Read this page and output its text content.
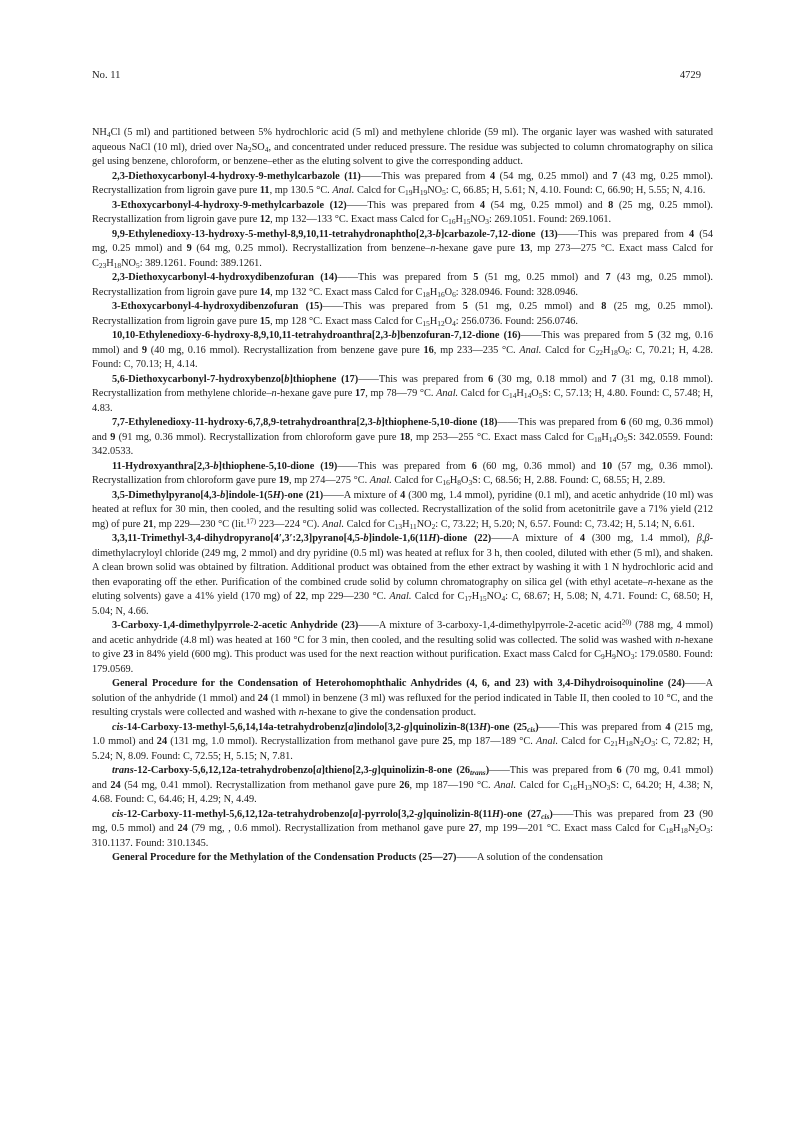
No. 11	4729

$NH_4Cl$ (5 ml) and partitioned between 5% hydrochloric acid (5 ml) and methylene chloride (59 ml). The organic layer was washed with saturated aqueous NaCl (10 ml), dried over $Na_2SO_4$, and concentrated under reduced pressure. The residue was subjected to column chromatography on silica gel using benzene, chloroform, or benzene–ether as the eluting solvent to give the corresponding adduct.

2,3-Diethoxycarbonyl-4-hydroxy-9-methylcarbazole (11)——This was prepared from 4 (54 mg, 0.25 mmol) and 7 (43 mg, 0.25 mmol). Recrystallization from ligroin gave pure 11, mp 130.5 °C. Anal. Calcd for $C_{19}H_{19}NO_5$: C, 66.85; H, 5.61; N, 4.10. Found: C, 66.90; H, 5.55; N, 4.16.

3-Ethoxycarbonyl-4-hydroxy-9-methylcarbazole (12)——This was prepared from 4 (54 mg, 0.25 mmol) and 8 (25 mg, 0.25 mmol). Recrystallization from ligroin gave pure 12, mp 132—133 °C. Exact mass Calcd for $C_{16}H_{15}NO_3$: 269.1051. Found: 269.1061.

9,9-Ethylenedioxy-13-hydroxy-5-methyl-8,9,10,11-tetrahydronaphtho[2,3-b]carbazole-7,12-dione (13)——This was prepared from 4 (54 mg, 0.25 mmol) and 9 (64 mg, 0.25 mmol). Recrystallization from benzene–n-hexane gave pure 13, mp 273—275 °C. Exact mass Calcd for $C_{23}H_{18}NO_5$: 389.1261. Found: 389.1261.

2,3-Diethoxycarbonyl-4-hydroxydibenzofuran (14)——This was prepared from 5 (51 mg, 0.25 mmol) and 7 (43 mg, 0.25 mmol). Recrystallization from ligroin gave pure 14, mp 132 °C. Exact mass Calcd for $C_{18}H_{16}O_6$: 328.0946. Found: 328.0946.

3-Ethoxycarbonyl-4-hydroxydibenzofuran (15)——This was prepared from 5 (51 mg, 0.25 mmol) and 8 (25 mg, 0.25 mmol). Recrystallization from ligroin gave pure 15, mp 128 °C. Exact mass Calcd for $C_{15}H_{12}O_4$: 256.0736. Found: 256.0746.

10,10-Ethylenedioxy-6-hydroxy-8,9,10,11-tetrahydroanthra[2,3-b]benzofuran-7,12-dione (16)——This was prepared from 5 (32 mg, 0.16 mmol) and 9 (40 mg, 0.16 mmol). Recrystallization from benzene gave pure 16, mp 233—235 °C. Anal. Calcd for $C_{22}H_{18}O_6$: C, 70.21; H, 4.28. Found: C, 70.13; H, 4.14.

5,6-Diethoxycarbonyl-7-hydroxybenzo[b]thiophene (17)——This was prepared from 6 (30 mg, 0.18 mmol) and 7 (31 mg, 0.18 mmol). Recrystallization from methylene chloride–n-hexane gave pure 17, mp 78—79 °C. Anal. Calcd for $C_{14}H_{14}O_5S$: C, 57.13; H, 4.80. Found: C, 57.48; H, 4.83.

7,7-Ethylenedioxy-11-hydroxy-6,7,8,9-tetrahydroanthra[2,3-b]thiophene-5,10-dione (18)——This was prepared from 6 (60 mg, 0.36 mmol) and 9 (91 mg, 0.36 mmol). Recrystallization from chloroform gave pure 18, mp 253—255 °C. Exact mass Calcd for $C_{18}H_{14}O_5S$: 342.0559. Found: 342.0533.

11-Hydroxyanthra[2,3-b]thiophene-5,10-dione (19)——This was prepared from 6 (60 mg, 0.36 mmol) and 10 (57 mg, 0.36 mmol). Recrystallization from chloroform gave pure 19, mp 274—275 °C. Anal. Calcd for $C_{16}H_8O_3S$: C, 68.56; H, 2.88. Found: C, 68.55; H, 2.89.

3,5-Dimethylpyrano[4,3-b]indole-1(5H)-one (21)——A mixture of 4 (300 mg, 1.4 mmol), pyridine (0.1 ml), and acetic anhydride (10 ml) was heated at reflux for 30 min, then cooled, and the resulting solid was collected. Recrystallization of the solid from acetonitrile gave a 71% yield (212 mg) of pure 21, mp 229—230 °C (lit.$^{17)}$ 223—224 °C). Anal. Calcd for $C_{13}H_{11}NO_2$: C, 73.22; H, 5.20; N, 6.57. Found: C, 73.42; H, 5.14; N, 6.61.

3,3,11-Trimethyl-3,4-dihydropyrano[4′,3′:2,3]pyrano[4,5-b]indole-1,6(11H)-dione (22)——A mixture of 4 (300 mg, 1.4 mmol), β,β-dimethylacryloyl chloride (249 mg, 2 mmol) and dry pyridine (0.5 ml) was heated at reflux for 3 h, then cooled, diluted with ether (5 ml), and shaken. A clean brown solid was obtained by filtration. Additional product was obtained from the ether extract by washing it with 1 N hydrochloric acid and then evaporating off the ether. Purification of the combined crude solid by column chromatography on silica gel (with ethyl acetate–n-hexane as the eluting solvents) gave a 41% yield (170 mg) of 22, mp 229—230 °C. Anal. Calcd for $C_{17}H_{15}NO_4$: C, 68.67; H, 5.08; N, 4.71. Found: C, 68.50; H, 5.04; N, 4.66.

3-Carboxy-1,4-dimethylpyrrole-2-acetic Anhydride (23)——A mixture of 3-carboxy-1,4-dimethylpyrrole-2-acetic acid$^{20)}$ (788 mg, 4 mmol) and acetic anhydride (4.8 ml) was heated at 160 °C for 3 min, then cooled, and the resulting solid was collected. The solid was washed with n-hexane to give 23 in 84% yield (600 mg). This product was used for the next reaction without purification. Exact mass Calcd for $C_9H_9NO_3$: 179.0580. Found: 179.0569.

General Procedure for the Condensation of Heterohomophthalic Anhydrides (4, 6, and 23) with 3,4-Dihydroisoquinoline (24)——A solution of the anhydride (1 mmol) and 24 (1 mmol) in benzene (3 ml) was refluxed for the period indicated in Table II, then cooled to 10 °C, and the resulting crystals were collected and washed with n-hexane to give the condensation product.

cis-14-Carboxy-13-methyl-5,6,14,14a-tetrahydrobenz[a]indolo[3,2-g]quinolizin-8(13H)-one $(25_{cis})——This$ was prepared from 4 (215 mg, 1.0 mmol) and 24 (131 mg, 1.0 mmol). Recrystallization from methanol gave pure 25, mp 187—189 °C. Anal. Calcd for $C_{21}H_{18}N_2O_3$: C, 72.82; H, 5.24; N, 8.09. Found: C, 72.55; H, 5.15; N, 7.81.

trans-12-Carboxy-5,6,12,12a-tetrahydrobenzo[a]thieno[2,3-g]quinolizin-8-one $(26_{trans})——This$ was prepared from 6 (70 mg, 0.41 mmol) and 24 (54 mg, 0.41 mmol). Recrystallization from methanol gave pure 26, mp 187—190 °C. Anal. Calcd for $C_{16}H_{13}NO_3S$: C, 64.20; H, 4.38; N, 4.68. Found: C, 64.46; H, 4.29; N, 4.49.

cis-12-Carboxy-11-methyl-5,6,12,12a-tetrahydrobenzo[a]-pyrrolo[3,2-g]quinolizin-8(11H)-one $(27_{cis})——This$ was prepared from 23 (90 mg, 0.5 mmol) and 24 (79 mg, , 0.6 mmol). Recrystallization from methanol gave pure 27, mp 199—201 °C. Exact mass Calcd for $C_{18}H_{18}N_2O_3$: 310.1137. Found: 310.1345.

General Procedure for the Methylation of the Condensation Products (25—27)——A solution of the condensation
